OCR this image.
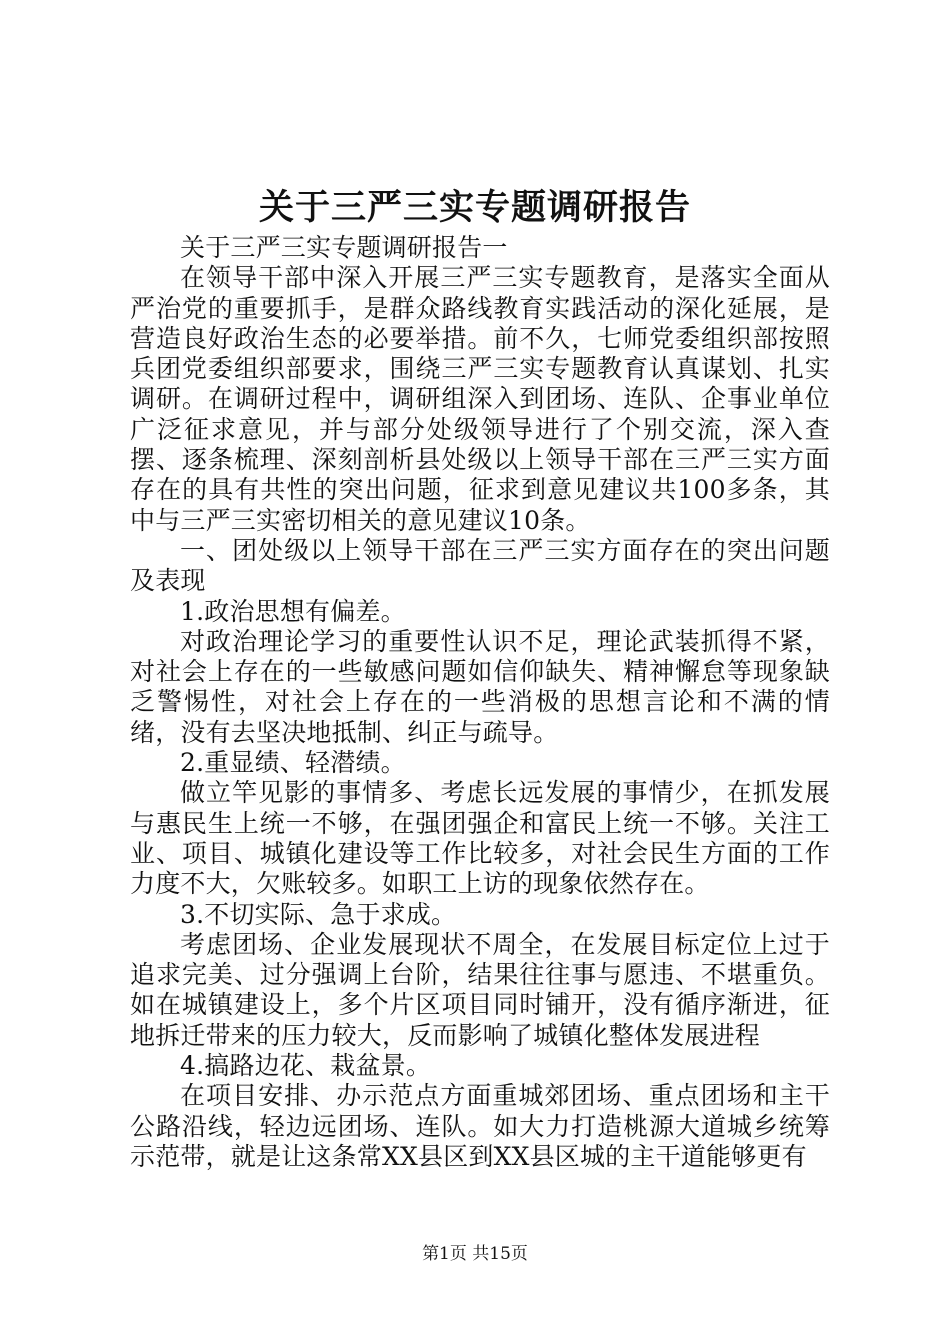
关于三严三实专题调研报告

关于三严三实专题调研报告一

在领导干部中深入开展三严三实专题教育，是落实全面从严治党的重要抓手，是群众路线教育实践活动的深化延展，是营造良好政治生态的必要举措。前不久，七师党委组织部按照兵团党委组织部要求，围绕三严三实专题教育认真谋划、扎实调研。在调研过程中，调研组深入到团场、连队、企事业单位广泛征求意见，并与部分处级领导进行了个别交流，深入查摆、逐条梳理、深刻剖析县处级以上领导干部在三严三实方面存在的具有共性的突出问题，征求到意见建议共100多条，其中与三严三实密切相关的意见建议10条。

一、团处级以上领导干部在三严三实方面存在的突出问题及表现

1.政治思想有偏差。

对政治理论学习的重要性认识不足，理论武装抓得不紧，对社会上存在的一些敏感问题如信仰缺失、精神懈怠等现象缺乏警惕性，对社会上存在的一些消极的思想言论和不满的情绪，没有去坚决地抵制、纠正与疏导。

2.重显绩、轻潜绩。

做立竿见影的事情多、考虑长远发展的事情少，在抓发展与惠民生上统一不够，在强团强企和富民上统一不够。关注工业、项目、城镇化建设等工作比较多，对社会民生方面的工作力度不大，欠账较多。如职工上访的现象依然存在。

3.不切实际、急于求成。

考虑团场、企业发展现状不周全，在发展目标定位上过于追求完美、过分强调上台阶，结果往往事与愿违、不堪重负。如在城镇建设上，多个片区项目同时铺开，没有循序渐进，征地拆迁带来的压力较大，反而影响了城镇化整体发展进程

4.搞路边花、栽盆景。

在项目安排、办示范点方面重城郊团场、重点团场和主干公路沿线，轻边远团场、连队。如大力打造桃源大道城乡统筹示范带，就是让这条常XX县区到XX县区城的主干道能够更有

第1页 共15页
